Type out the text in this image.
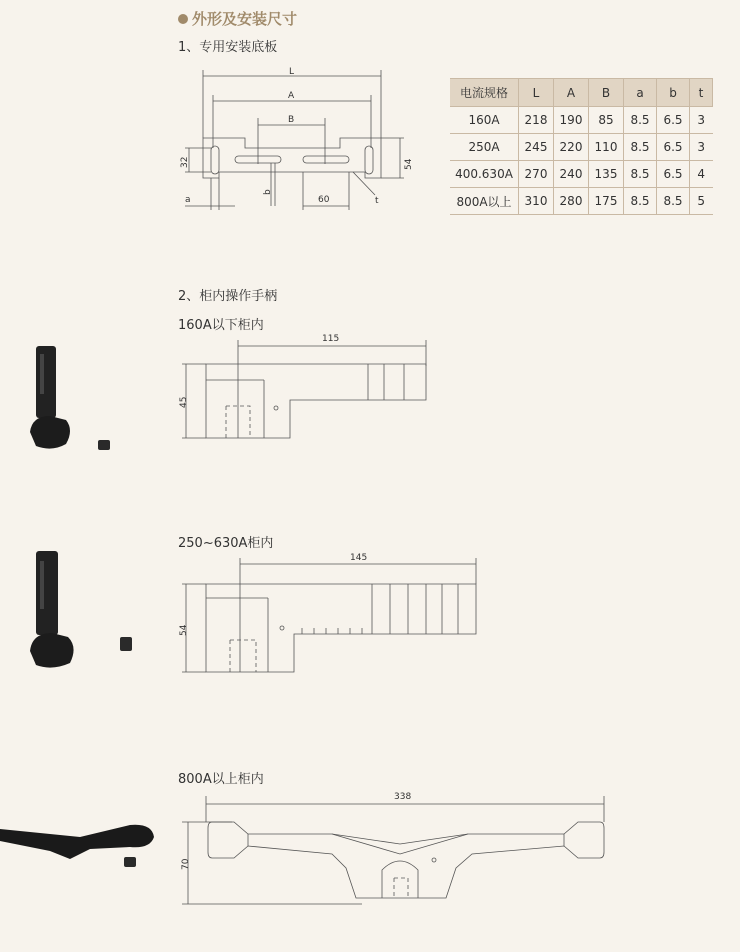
外形及安装尺寸
1、专用安装底板
L
A
B
32	54
a
b
60	t
电流规格	L	A	B	a	b	t
160A	218	190	85	8.5	6.5	3
250A	245	220	110	8.5	6.5	3
400.630A	270	240	135	8.5	6.5	4
800A以上	310	280	175	8.5	8.5	5
2、柜内操作手柄
160A以下柜内
115
45
250~630A柜内
145
54
800A以上柜内
338
70
